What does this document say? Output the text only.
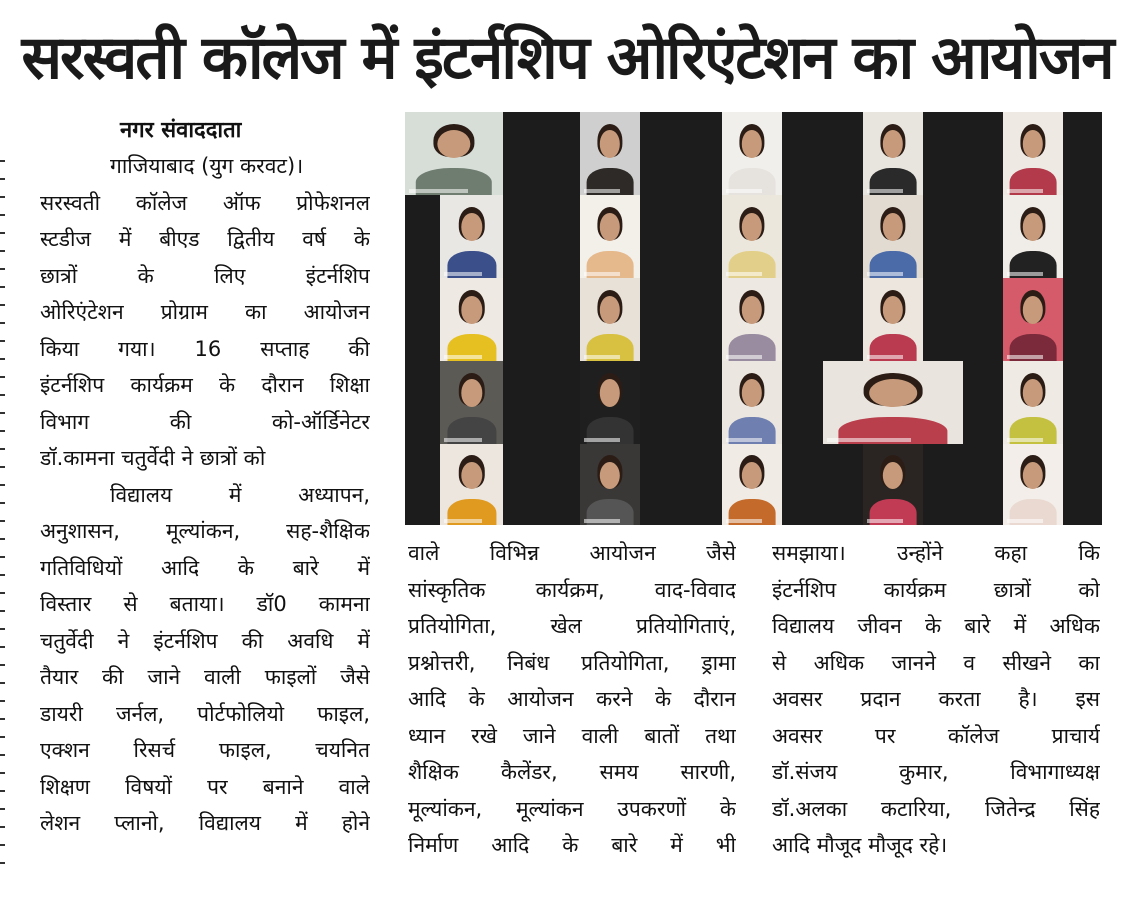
सरस्वती कॉलेज में इंटर्नशिप ओरिएंटेशन का आयोजन
नगर संवाददाता
गाजियाबाद (युग करवट)।
सरस्वती कॉलेज ऑफ प्रोफेशनल
स्टडीज में बीएड द्वितीय वर्ष के
छात्रों के लिए इंटर्नशिप
ओरिएंटेशन प्रोग्राम का आयोजन
किया गया। 16 सप्ताह की
इंटर्नशिप कार्यक्रम के दौरान शिक्षा
विभाग की को-ऑर्डिनेटर
डॉ.कामना चतुर्वेदी ने छात्रों को
विद्यालय में अध्यापन,
अनुशासन, मूल्यांकन, सह-शैक्षिक
गतिविधियों आदि के बारे में
विस्तार से बताया। डॉ0 कामना
चतुर्वेदी ने इंटर्नशिप की अवधि में
तैयार की जाने वाली फाइलों जैसे
डायरी जर्नल, पोर्टफोलियो फाइल,
एक्शन रिसर्च फाइल, चयनित
शिक्षण विषयों पर बनाने वाले
लेशन प्लानो, विद्यालय में होने
वाले विभिन्न आयोजन जैसे
सांस्कृतिक कार्यक्रम, वाद-विवाद
प्रतियोगिता, खेल प्रतियोगिताएं,
प्रश्नोत्तरी, निबंध प्रतियोगिता, ड्रामा
आदि के आयोजन करने के दौरान
ध्यान रखे जाने वाली बातों तथा
शैक्षिक कैलेंडर, समय सारणी,
मूल्यांकन, मूल्यांकन उपकरणों के
निर्माण आदि के बारे में भी
समझाया। उन्होंने कहा कि
इंटर्नशिप कार्यक्रम छात्रों को
विद्यालय जीवन के बारे में अधिक
से अधिक जानने व सीखने का
अवसर प्रदान करता है। इस
अवसर पर कॉलेज प्राचार्य
डॉ.संजय कुमार, विभागाध्यक्ष
डॉ.अलका कटारिया, जितेन्द्र सिंह
आदि मौजूद मौजूद रहे।
